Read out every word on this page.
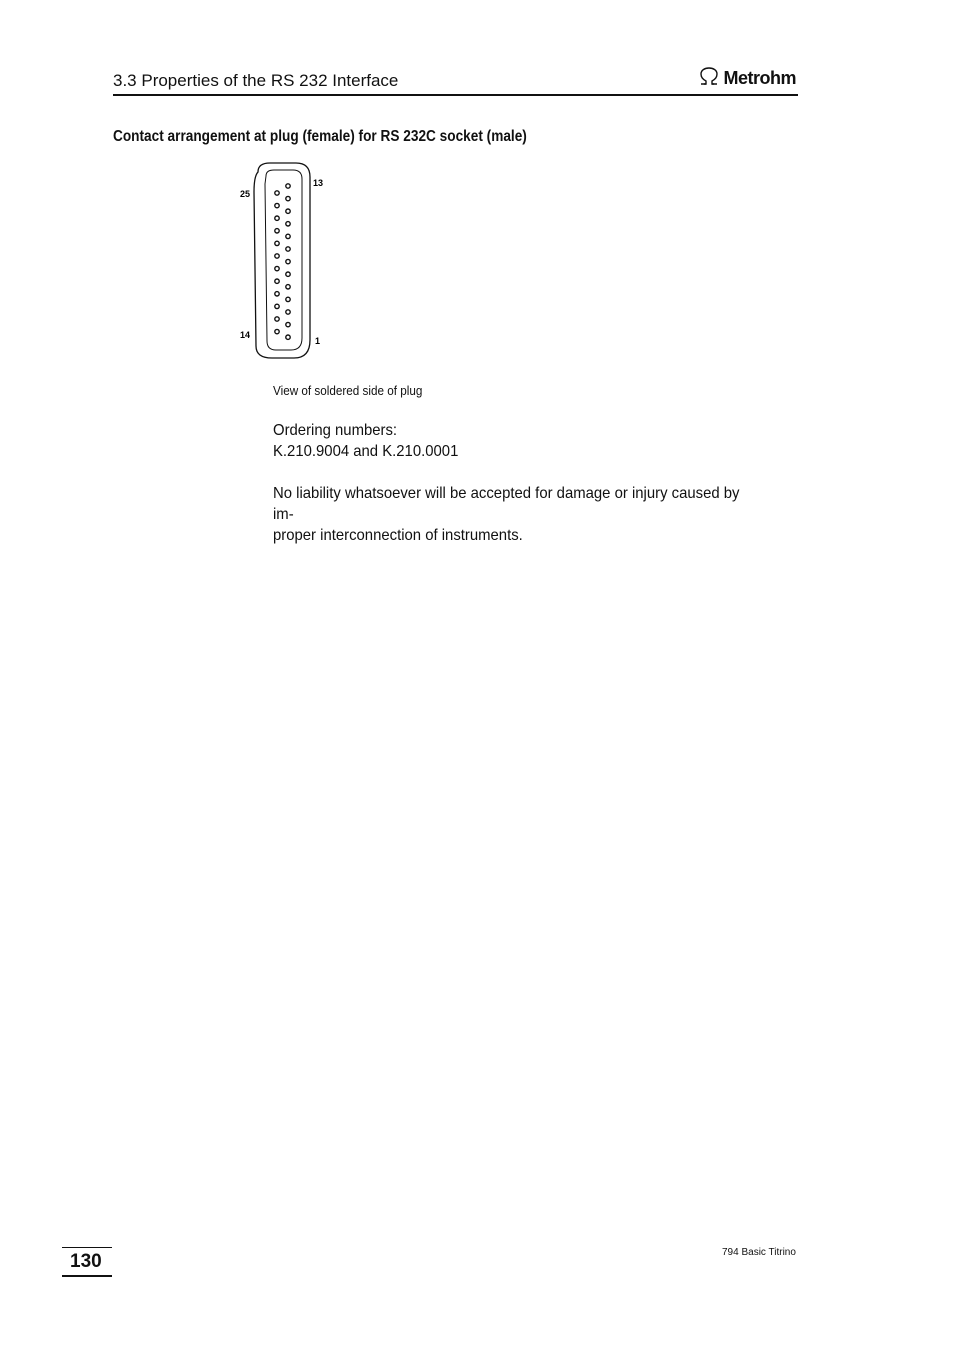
3.3 Properties of the RS 232 Interface	Metrohm
Contact arrangement at plug (female) for RS 232C socket (male)
13
25
14
1
View of soldered side of plug

Ordering numbers:

K.210.9004 and K.210.0001

No liability whatsoever will be accepted for damage or injury caused by im-

proper interconnection of instruments.

130	794 Basic Titrino
